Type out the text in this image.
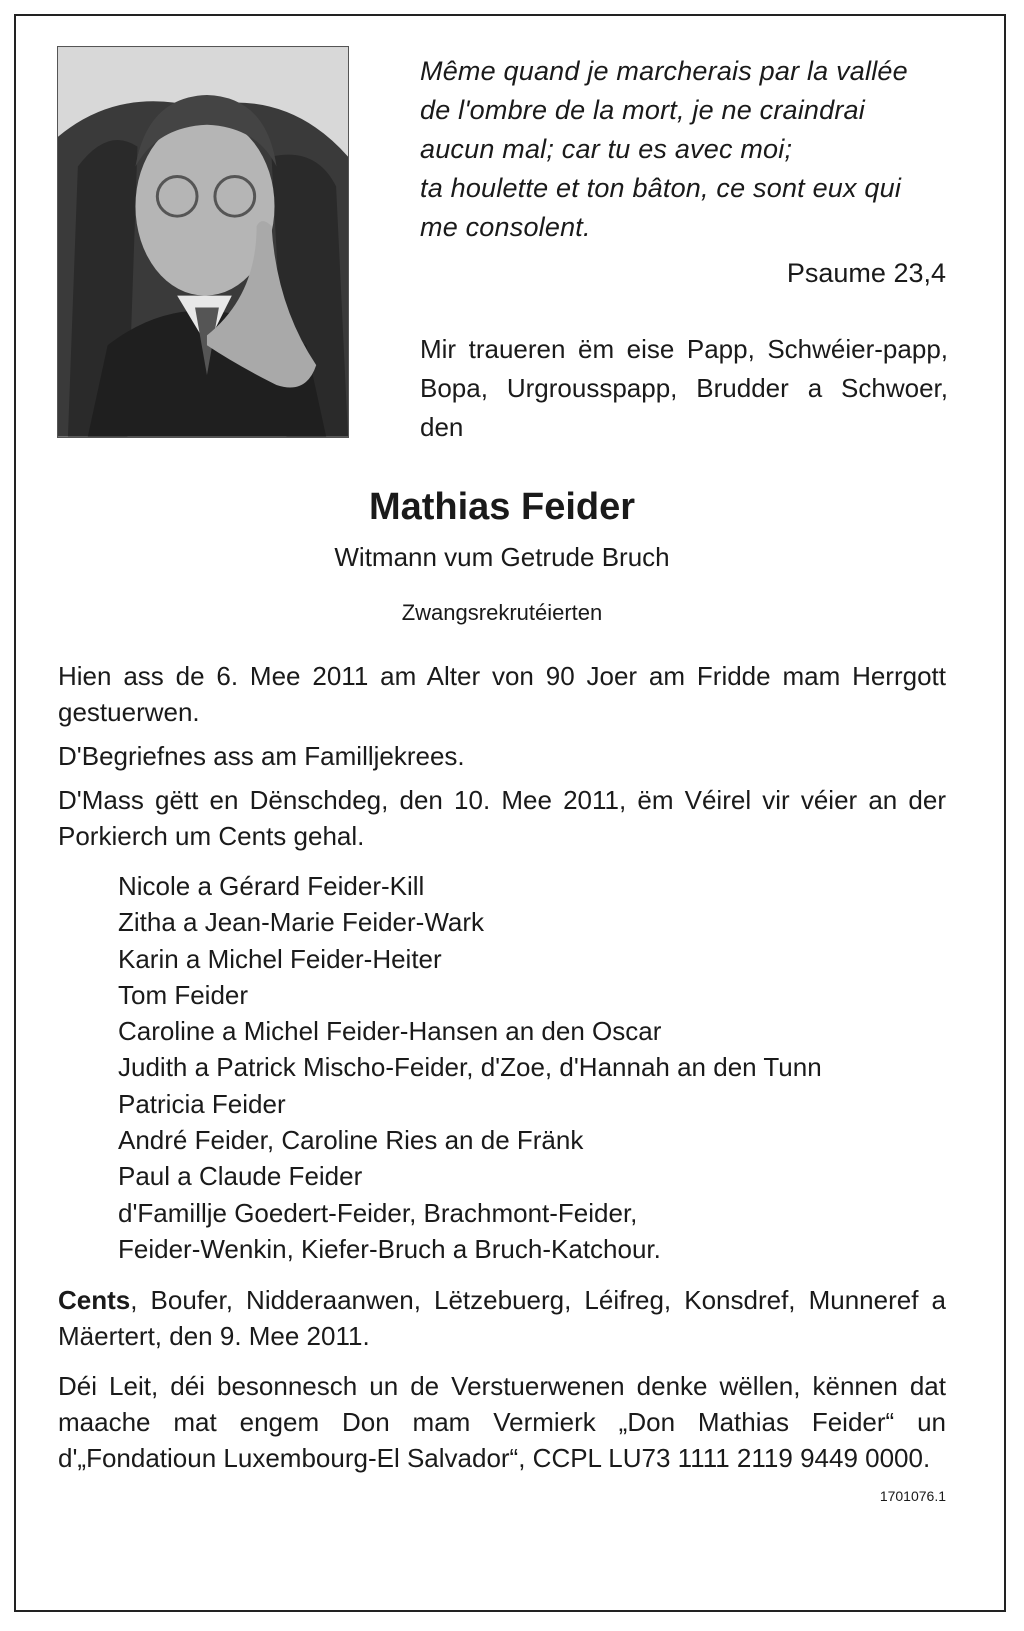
Même quand je marcherais par la vallée
de l'ombre de la mort, je ne craindrai
aucun mal; car tu es avec moi;
ta houlette et ton bâton, ce sont eux qui
me consolent.
Psaume 23,4
Mir traueren ëm eise Papp, Schwéier-papp, Bopa, Urgrousspapp, Brudder a Schwoer, den
Mathias Feider
Witmann vum Getrude Bruch
Zwangsrekrutéierten
Hien ass de 6. Mee 2011 am Alter von 90 Joer am Fridde mam Herrgott gestuerwen.
D'Begriefnes ass am Familljekrees.
D'Mass gëtt en Dënschdeg, den 10. Mee 2011, ëm Véirel vir véier an der Porkierch um Cents gehal.
Nicole a Gérard Feider-Kill
Zitha a Jean-Marie Feider-Wark
Karin a Michel Feider-Heiter
Tom Feider
Caroline a Michel Feider-Hansen an den Oscar
Judith a Patrick Mischo-Feider, d'Zoe, d'Hannah an den Tunn
Patricia Feider
André Feider, Caroline Ries an de Fränk
Paul a Claude Feider
d'Famillje Goedert-Feider, Brachmont-Feider,
Feider-Wenkin, Kiefer-Bruch a Bruch-Katchour.
Cents, Boufer, Nidderaanwen, Lëtzebuerg, Léifreg, Konsdref, Munneref a Mäertert, den 9. Mee 2011.
Déi Leit, déi besonnesch un de Verstuerwenen denke wëllen, kënnen dat maache mat engem Don mam Vermierk „Don Mathias Feider“ un d'„Fondatioun Luxembourg-El Salvador“, CCPL LU73 1111 2119 9449 0000.
1701076.1
